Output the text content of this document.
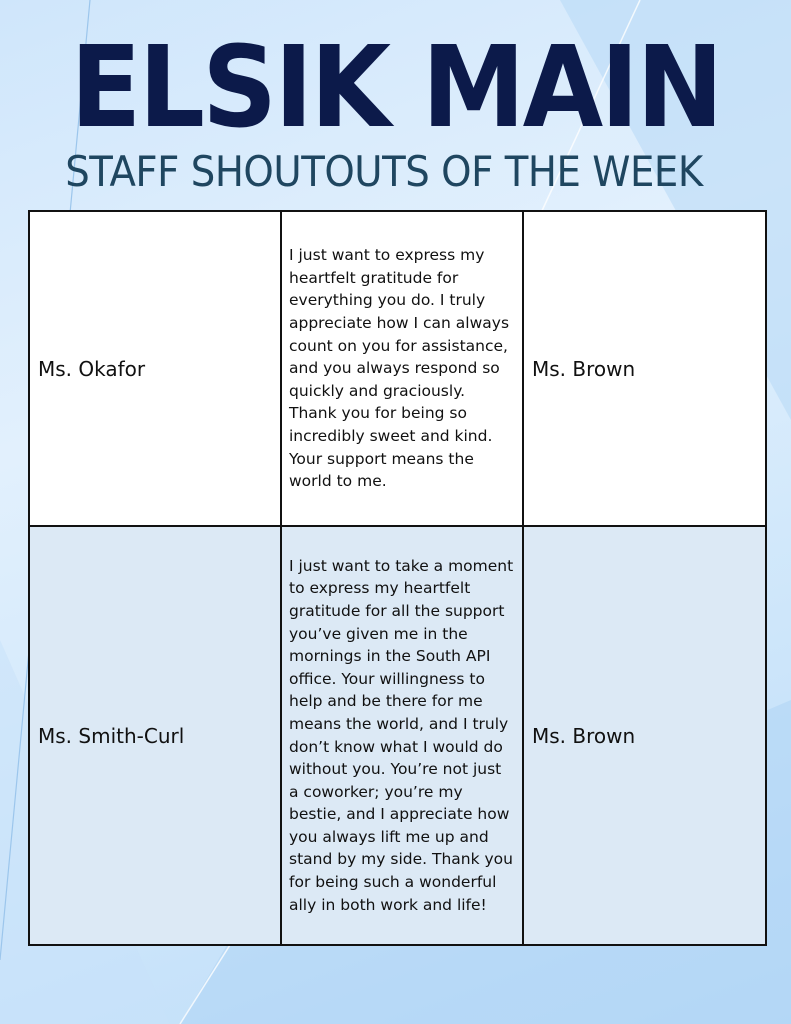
ELSIK MAIN
STAFF SHOUTOUTS OF THE WEEK
Ms. Okafor	I just want to express my heartfelt gratitude for everything you do. I truly appreciate how I can always count on you for assistance, and you always respond so quickly and graciously. Thank you for being so incredibly sweet and kind. Your support means the world to me.	Ms. Brown
Ms. Smith-Curl	I just want to take a moment to express my heartfelt gratitude for all the support you’ve given me in the mornings in the South API office. Your willingness to help and be there for me means the world, and I truly don’t know what I would do without you. You’re not just a coworker; you’re my bestie, and I appreciate how you always lift me up and stand by my side. Thank you for being such a wonderful ally in both work and life!	Ms. Brown
